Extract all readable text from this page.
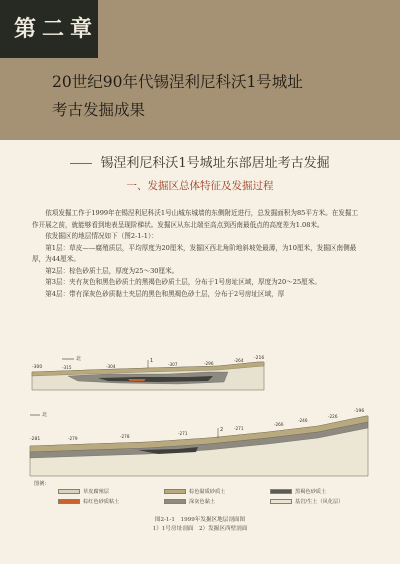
第二章
20世纪90年代锡涅利尼科沃1号城址
考古发掘成果
锡涅利尼科沃1号城址东部居址考古发掘
一、发掘区总体特征及发掘过程

依项发掘工作于1999年在锡涅利尼科沃1号山城东城墙的东侧附近进行，总发掘面积为85平方米。在发掘工作开展之前，就能够看到地表呈现阶梯状。发掘区从东北端至高点到西南最低点的高度差为1.08米。

依发掘区的地层情况如下（图2-1-1）：

第1层：草皮——腐殖质层，平均厚度为20厘米，发掘区西北角阶地斜坡处最薄，为10厘米，发掘区南侧最厚，为44厘米。

第2层：棕色砂质土层，厚度为25～30厘米。

第3层：夹有灰色和黑色砂质土的黑褐色砂质土层，分布于1号房址区域，厚度为20～25厘米。

第4层：带有深灰色砂质黏土夹层的黑色和黑褐色砂土层，分布于2号房址区域，厚

北	1
-300
-216
-315	-304	-307	-296
-264
北
2
-281
-196
-279	-278
-271
-271
-266
-246
-226
图例：
草皮腐殖层	棕色黏质砂质土	黑褐色砂质土
棕红色砂质粘土	深灰色黏土	基岩/生土（风化层）
图2-1-1　1999年发掘区地层剖面图
1）1号房址剖面　2）发掘区西壁剖面
